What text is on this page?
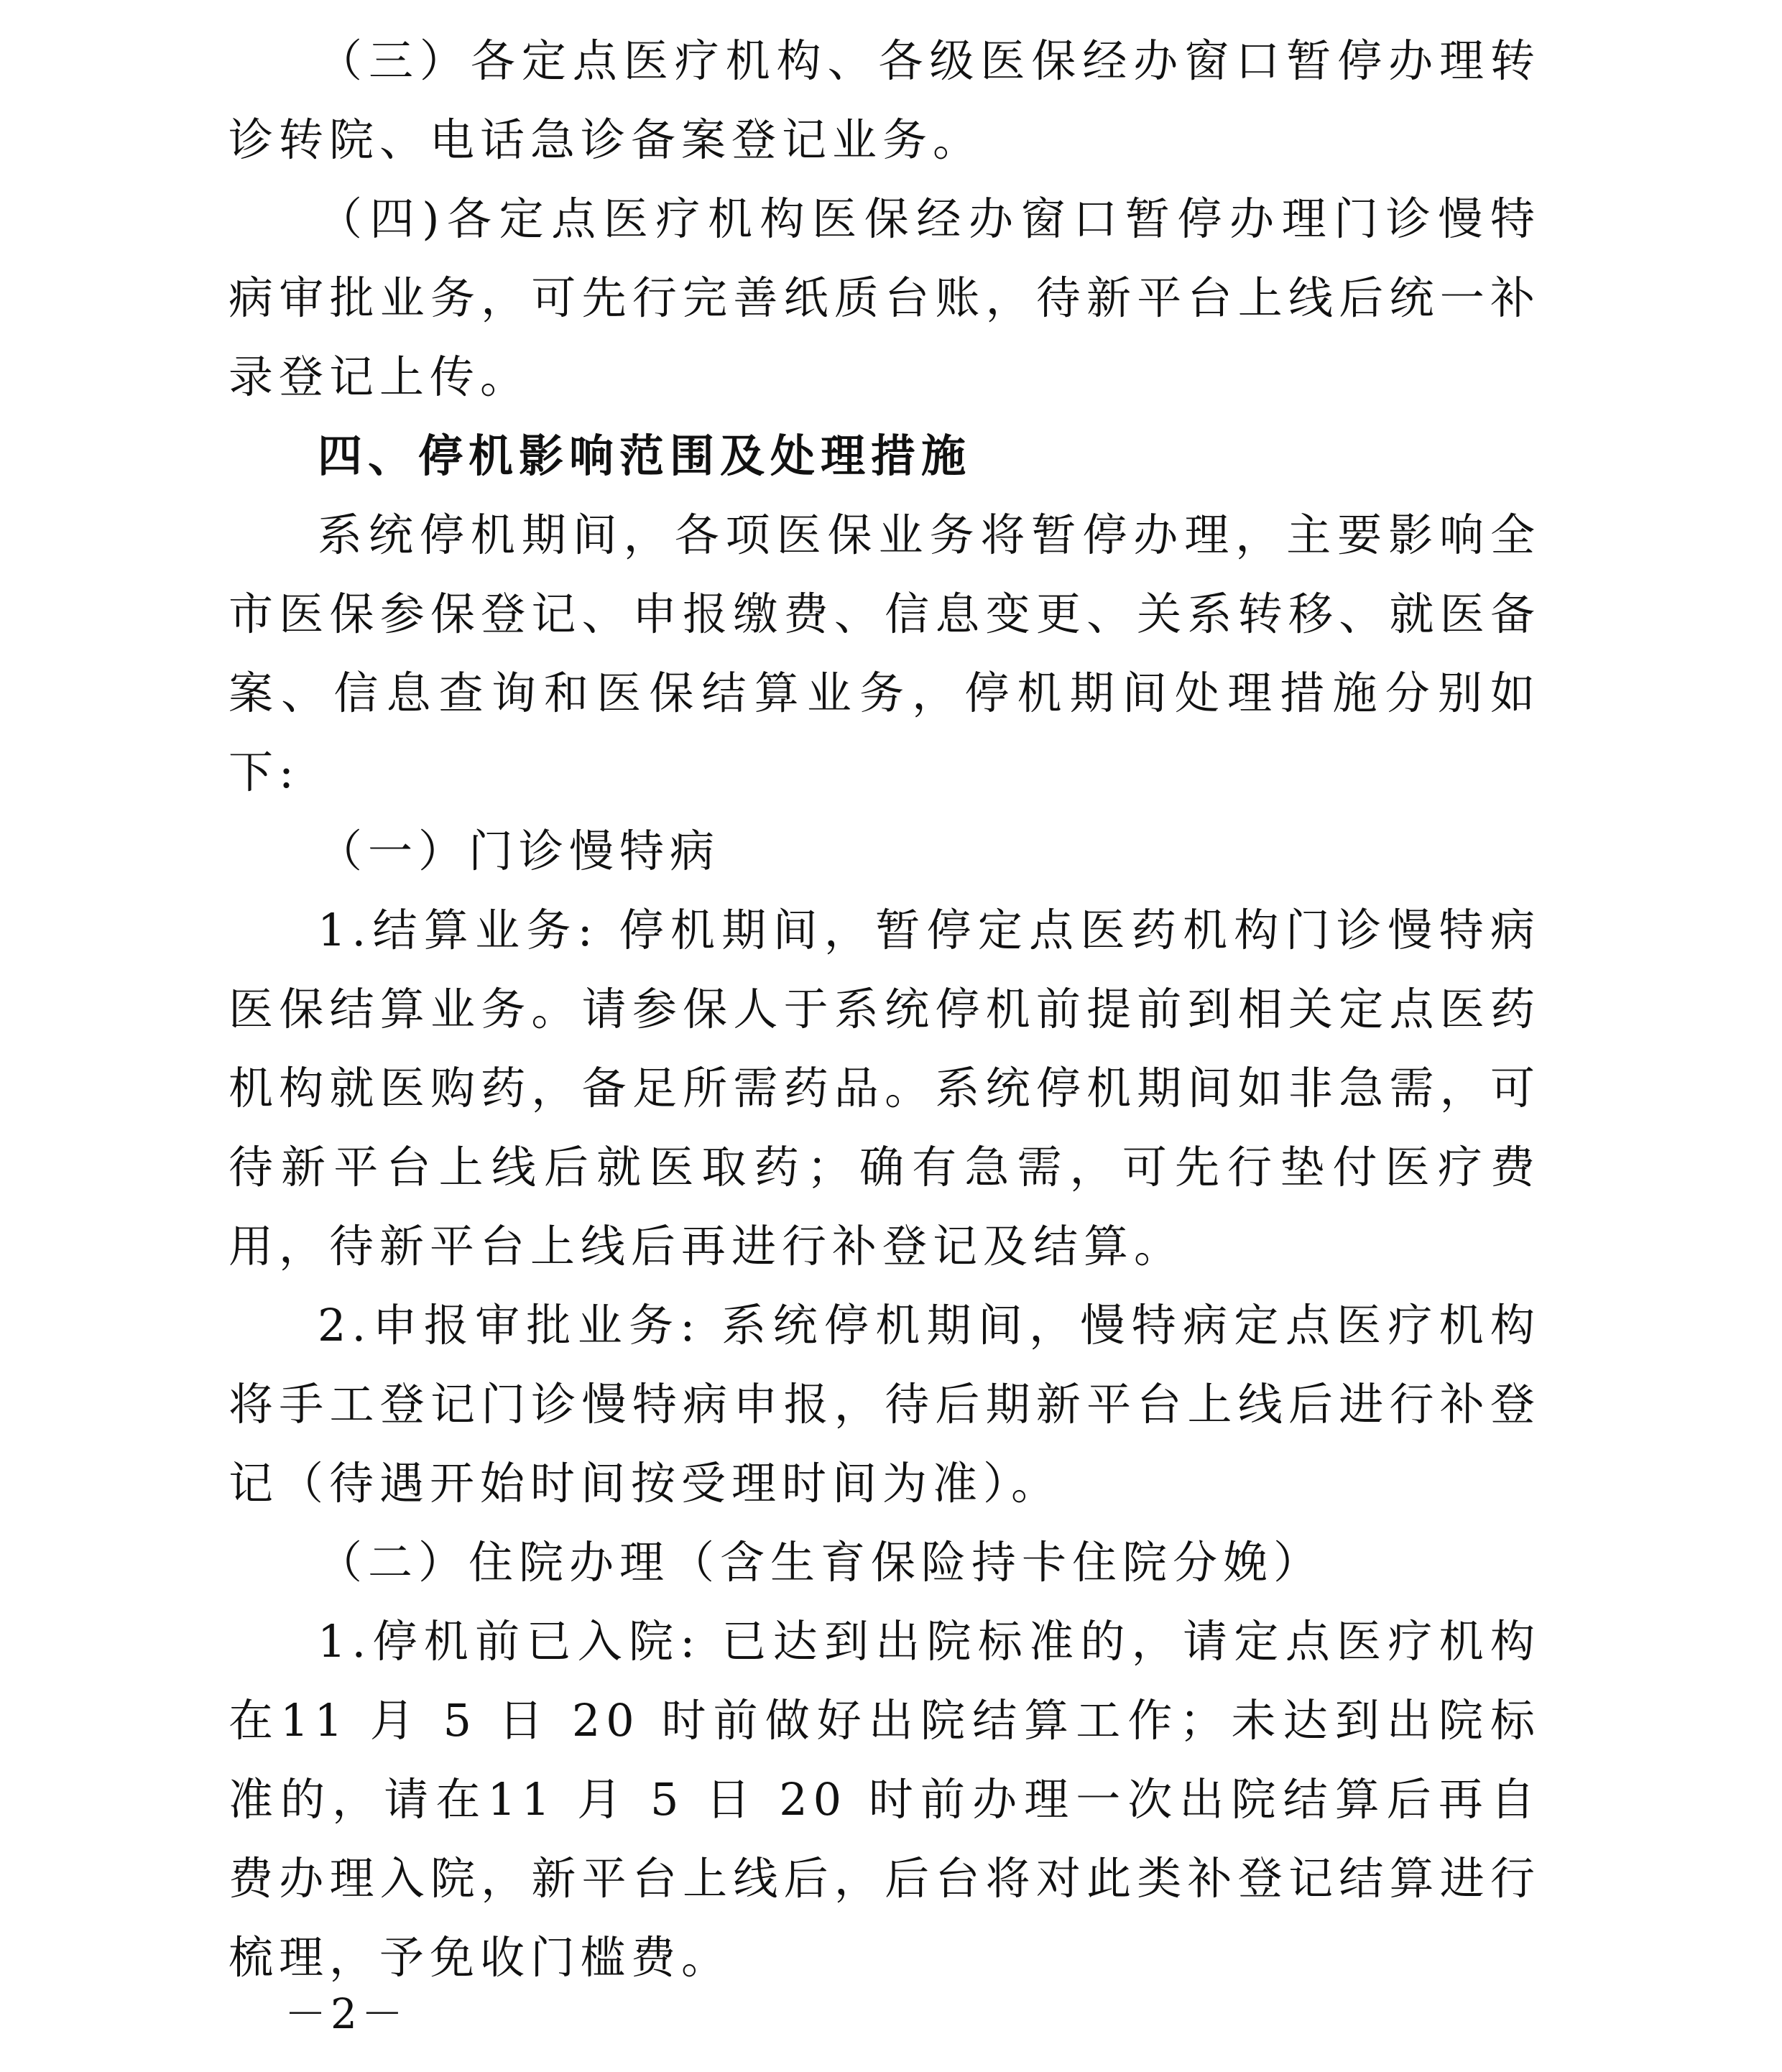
（三）各定点医疗机构、各级医保经办窗口暂停办理转诊转院、电话急诊备案登记业务。

（四)各定点医疗机构医保经办窗口暂停办理门诊慢特病审批业务，可先行完善纸质台账，待新平台上线后统一补录登记上传。

四、停机影响范围及处理措施

系统停机期间，各项医保业务将暂停办理，主要影响全市医保参保登记、申报缴费、信息变更、关系转移、就医备案、信息查询和医保结算业务，停机期间处理措施分别如下:

（一）门诊慢特病

1.结算业务: 停机期间，暂停定点医药机构门诊慢特病医保结算业务。请参保人于系统停机前提前到相关定点医药机构就医购药，备足所需药品。系统停机期间如非急需，可待新平台上线后就医取药；确有急需，可先行垫付医疗费用，待新平台上线后再进行补登记及结算。

2.申报审批业务: 系统停机期间，慢特病定点医疗机构将手工登记门诊慢特病申报，待后期新平台上线后进行补登记（待遇开始时间按受理时间为准）。

（二）住院办理（含生育保险持卡住院分娩）

1.停机前已入院: 已达到出院标准的，请定点医疗机构在11 月 5 日 20 时前做好出院结算工作；未达到出院标准的，请在11 月 5 日 20 时前办理一次出院结算后再自费办理入院，新平台上线后，后台将对此类补登记结算进行梳理，予免收门槛费。

－2－
